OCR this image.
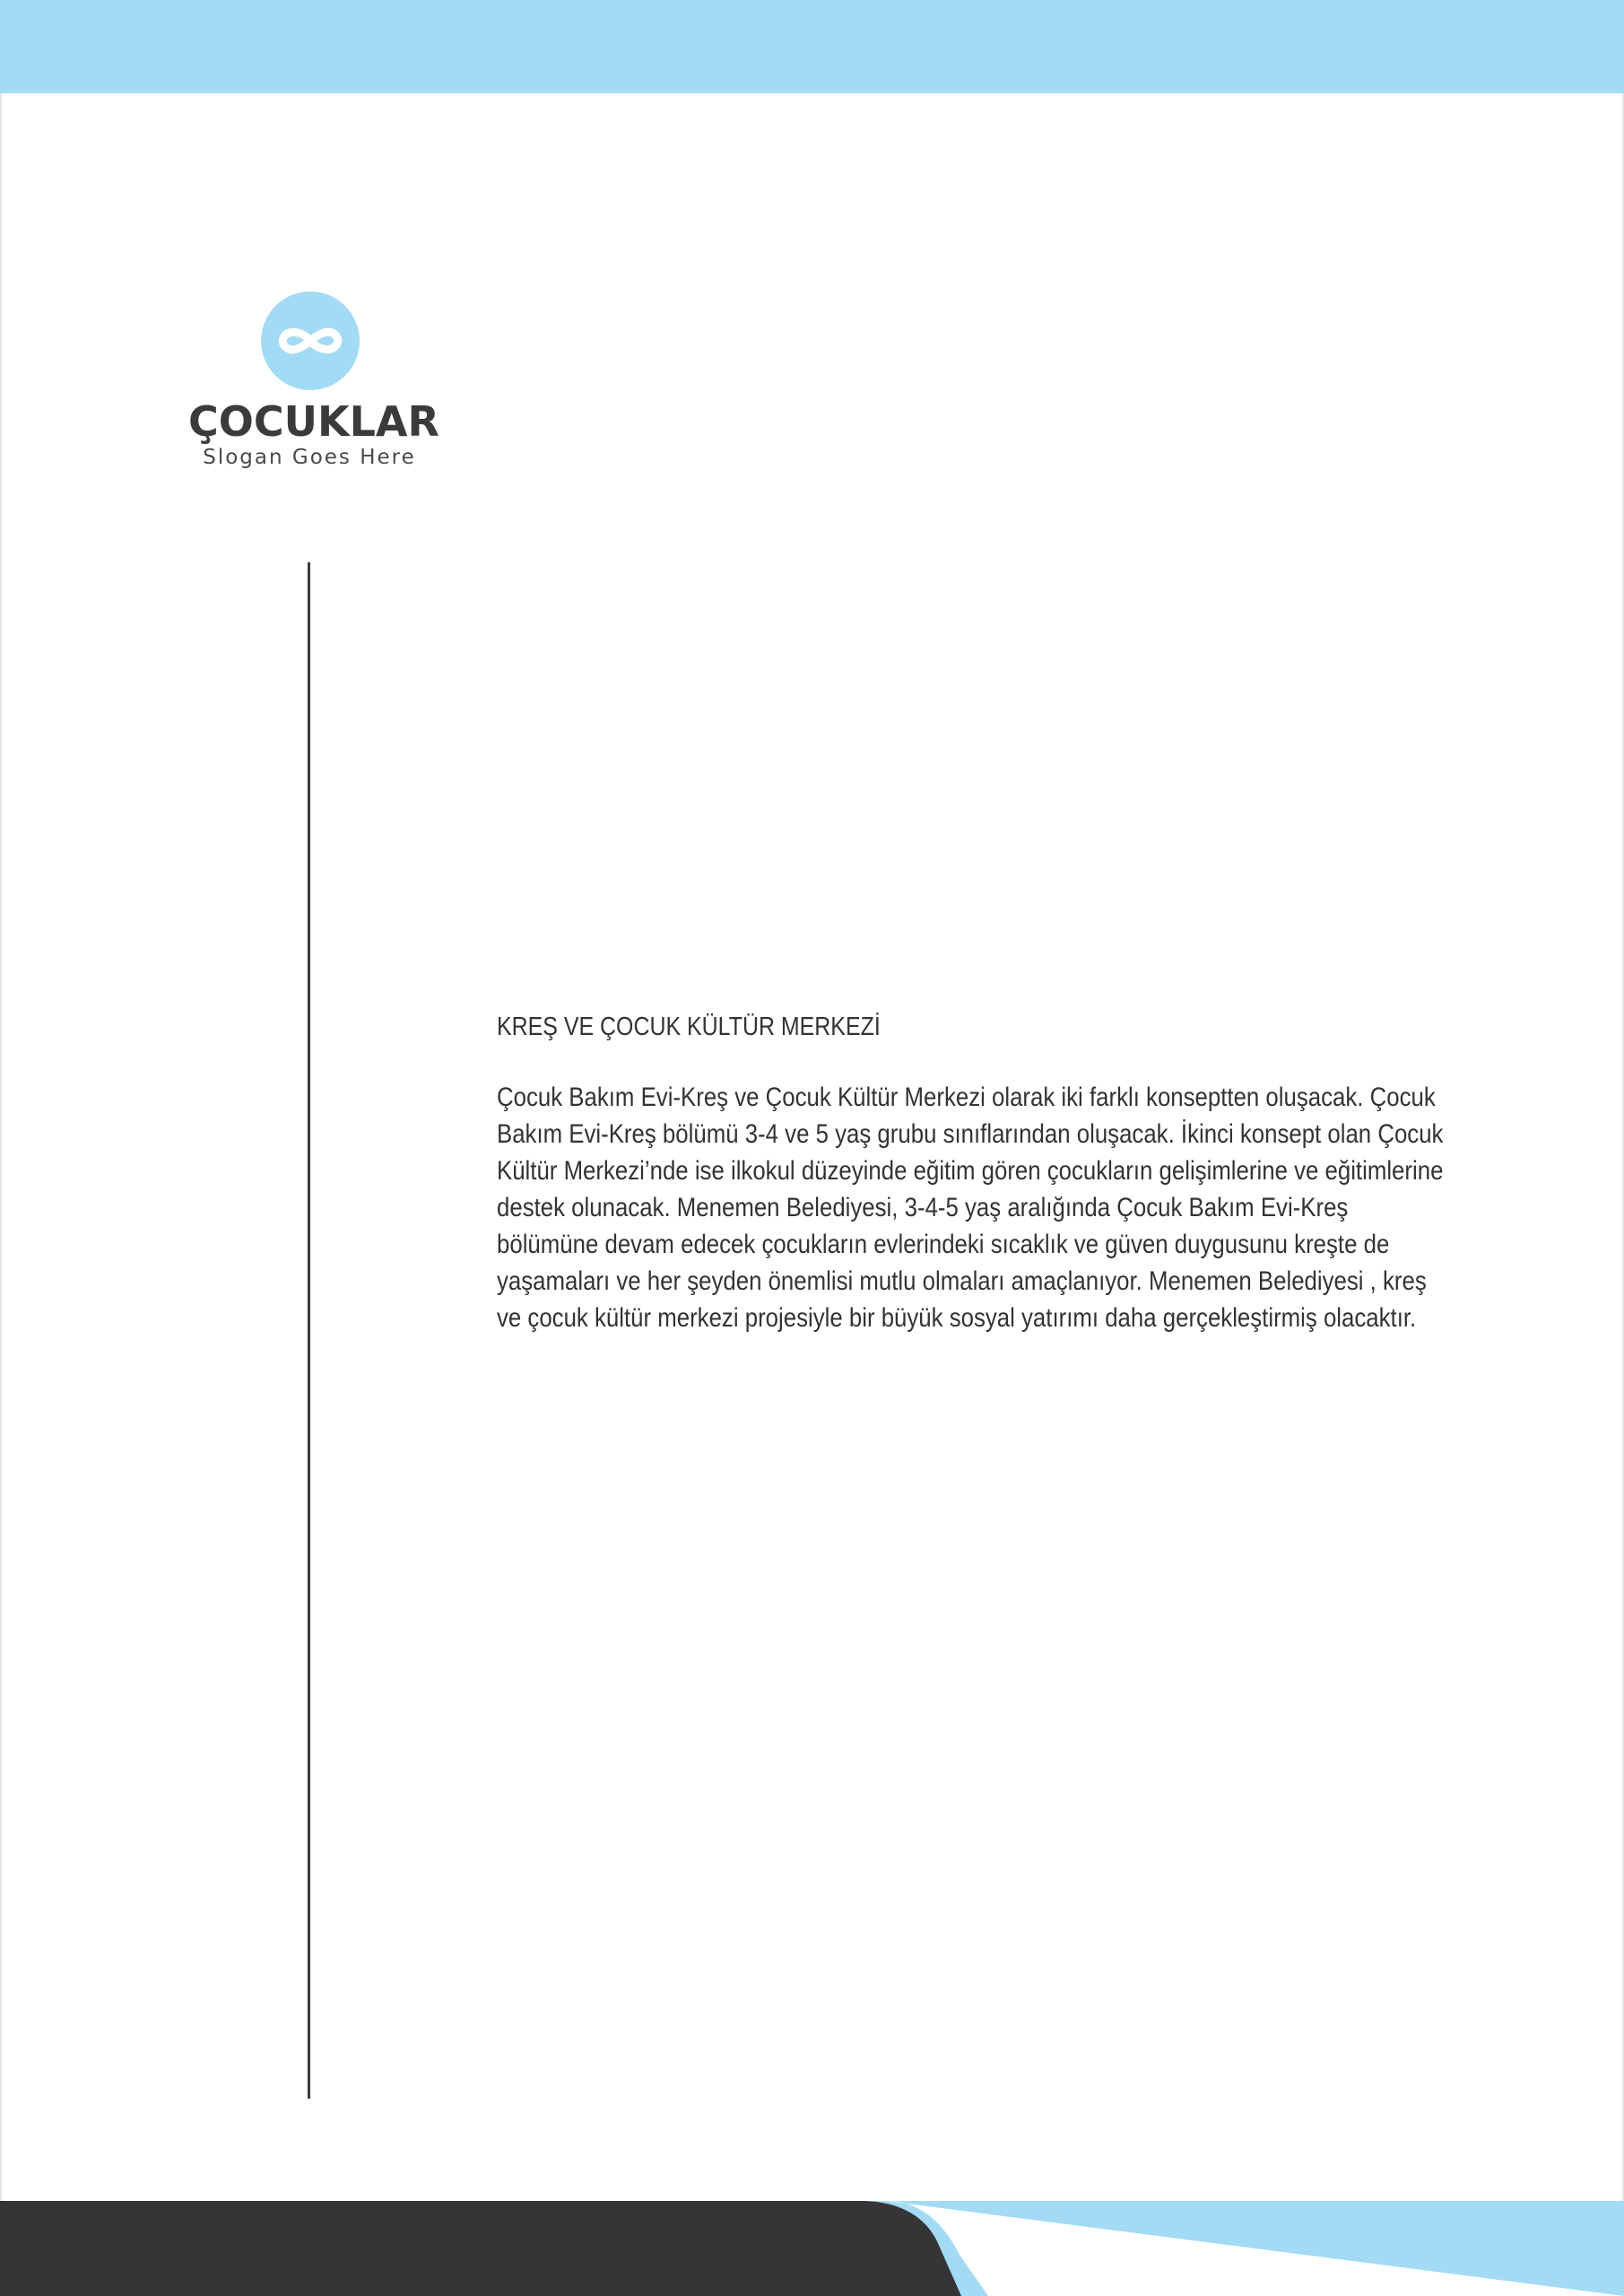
ÇOCUKLAR
Slogan Goes Here
KREŞ VE ÇOCUK KÜLTÜR MERKEZİ

Çocuk Bakım Evi-Kreş ve Çocuk Kültür Merkezi olarak iki farklı konseptten oluşacak. Çocuk Bakım Evi-Kreş bölümü 3-4 ve 5 yaş grubu sınıflarından oluşacak. İkinci konsept olan Çocuk Kültür Merkezi’nde ise ilkokul düzeyinde eğitim gören çocukların gelişimlerine ve eğitimlerine destek olunacak. Menemen Belediyesi, 3-4-5 yaş aralığında Çocuk Bakım Evi-Kreş bölümüne devam edecek çocukların evlerindeki sıcaklık ve güven duygusunu kreşte de yaşamaları ve her şeyden önemlisi mutlu olmaları amaçlanıyor. Menemen Belediyesi , kreş ve çocuk kültür merkezi projesiyle bir büyük sosyal yatırımı daha gerçekleştirmiş olacaktır.
